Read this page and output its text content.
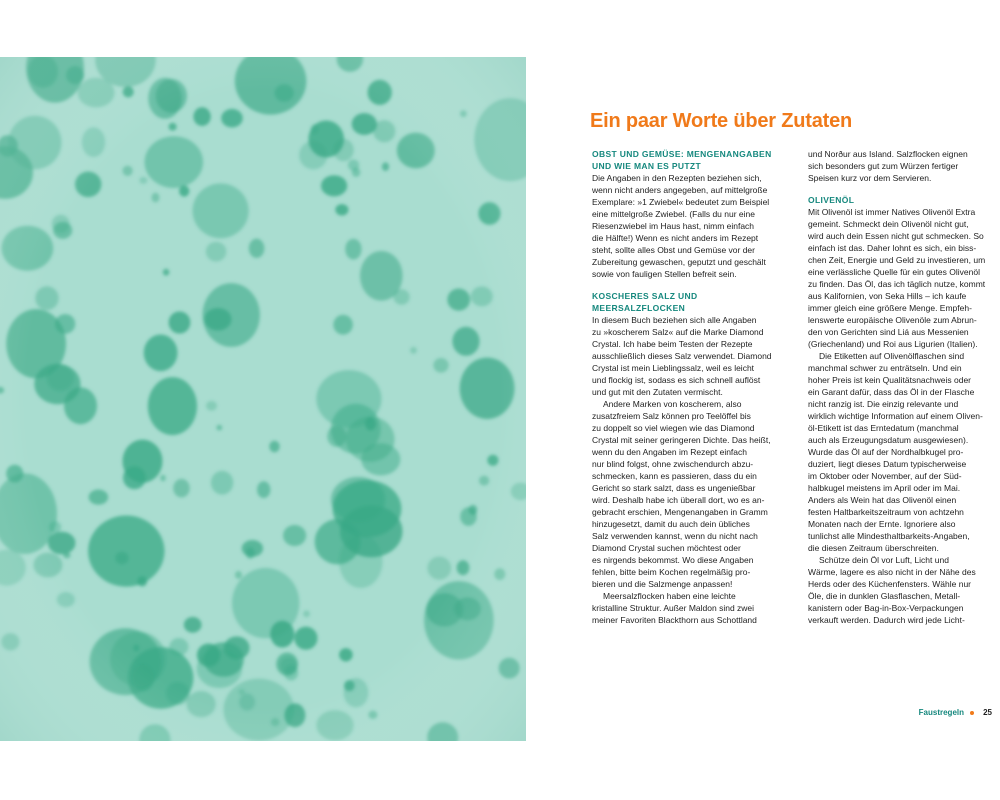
Ein paar Worte über Zutaten
OBST UND GEMÜSE: MENGENANGABEN
UND WIE MAN ES PUTZT
Die Angaben in den Rezepten beziehen sich,
wenn nicht anders angegeben, auf mittelgroße
Exemplare: »1 Zwiebel« bedeutet zum Beispiel
eine mittelgroße Zwiebel. (Falls du nur eine
Riesenzwiebel im Haus hast, nimm einfach
die Hälfte!) Wenn es nicht anders im Rezept
steht, sollte alles Obst und Gemüse vor der
Zubereitung gewaschen, geputzt und geschält
sowie von fauligen Stellen befreit sein.
KOSCHERES SALZ UND
MEERSALZFLOCKEN
In diesem Buch beziehen sich alle Angaben
zu »koscherem Salz« auf die Marke Diamond
Crystal. Ich habe beim Testen der Rezepte
ausschließlich dieses Salz verwendet. Diamond
Crystal ist mein Lieblingssalz, weil es leicht
und flockig ist, sodass es sich schnell auflöst
und gut mit den Zutaten vermischt.
Andere Marken von koscherem, also
zusatzfreiem Salz können pro Teelöffel bis
zu doppelt so viel wiegen wie das Diamond
Crystal mit seiner geringeren Dichte. Das heißt,
wenn du den Angaben im Rezept einfach
nur blind folgst, ohne zwischendurch abzu-
schmecken, kann es passieren, dass du ein
Gericht so stark salzt, dass es ungenießbar
wird. Deshalb habe ich überall dort, wo es an-
gebracht erschien, Mengenangaben in Gramm
hinzugesetzt, damit du auch dein übliches
Salz verwenden kannst, wenn du nicht nach
Diamond Crystal suchen möchtest oder
es nirgends bekommst. Wo diese Angaben
fehlen, bitte beim Kochen regelmäßig pro-
bieren und die Salzmenge anpassen!
Meersalzflocken haben eine leichte
kristalline Struktur. Außer Maldon sind zwei
meiner Favoriten Blackthorn aus Schottland
und Norður aus Island. Salzflocken eignen
sich besonders gut zum Würzen fertiger
Speisen kurz vor dem Servieren.
OLIVENÖL
Mit Olivenöl ist immer Natives Olivenöl Extra
gemeint. Schmeckt dein Olivenöl nicht gut,
wird auch dein Essen nicht gut schmecken. So
einfach ist das. Daher lohnt es sich, ein biss-
chen Zeit, Energie und Geld zu investieren, um
eine verlässliche Quelle für ein gutes Olivenöl
zu finden. Das Öl, das ich täglich nutze, kommt
aus Kalifornien, von Seka Hills – ich kaufe
immer gleich eine größere Menge. Empfeh-
lenswerte europäische Olivenöle zum Abrun-
den von Gerichten sind Liá aus Messenien
(Griechenland) und Roi aus Ligurien (Italien).
Die Etiketten auf Olivenölflaschen sind
manchmal schwer zu enträtseln. Und ein
hoher Preis ist kein Qualitätsnachweis oder
ein Garant dafür, dass das Öl in der Flasche
nicht ranzig ist. Die einzig relevante und
wirklich wichtige Information auf einem Oliven-
öl-Etikett ist das Erntedatum (manchmal
auch als Erzeugungsdatum ausgewiesen).
Wurde das Öl auf der Nordhalbkugel pro-
duziert, liegt dieses Datum typischerweise
im Oktober oder November, auf der Süd-
halbkugel meistens im April oder im Mai.
Anders als Wein hat das Olivenöl einen
festen Haltbarkeitszeitraum von achtzehn
Monaten nach der Ernte. Ignoriere also
tunlichst alle Mindesthaltbarkeits-Angaben,
die diesen Zeitraum überschreiten.
Schütze dein Öl vor Luft, Licht und
Wärme, lagere es also nicht in der Nähe des
Herds oder des Küchenfensters. Wähle nur
Öle, die in dunklen Glasflaschen, Metall-
kanistern oder Bag-in-Box-Verpackungen
verkauft werden. Dadurch wird jede Licht-
Faustregeln 25
